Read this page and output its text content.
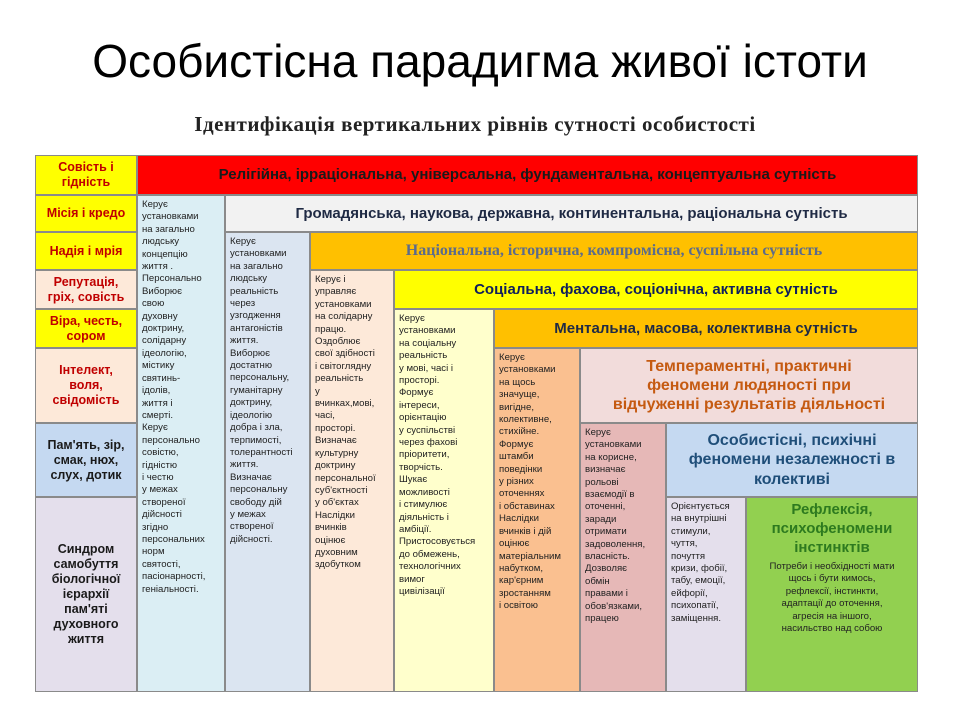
Особистісна парадигма живої істоти
Ідентифікація вертикальних рівнів сутності особистості
Совість і
гідність
Місія і кредо
Надія і мрія
Репутація,
гріх, совість
Віра, честь,
сором
Інтелект,
воля,
свідомість
Пам'ять, зір,
смак, нюх,
слух, дотик
Синдром
самобуття
біологічної
ієрархії
пам'яті
духовного
життя
Релігійна, ірраціональна, універсальна, фундаментальна, концептуальна сутність
Громадянська, наукова, державна, континентальна, раціональна сутність
Національна, історична, компромісна, суспільна сутність
Соціальна, фахова, соціонічна, активна сутність
Ментальна, масова, колективна сутність
Темпераментні, практичні
феномени людяності при
відчуженні результатів діяльності
Особистісні, психічні
феномени незалежності в
колективі
Рефлексія,
психофеномени
інстинктів
Потреби і необхідності мати
щось і бути кимось,
рефлексії, інстинкти,
адаптації до оточення,
агресія на іншого,
насильство над собою
Керує
установками
на загально
людську
концепцію
життя .
Персонально
Виборює
свою
духовну
доктрину,
солідарну
ідеологію,
містику
святинь-
ідолів,
життя і
смерті.
Керує
персонально
совістю,
гідністю
і честю
у межах
створеної
дійсності
згідно
персональних
норм
святості,
пасіонарності,
геніальності.
Керує
установками
на загально
людську
реальність
через
узгодження
антагоністів
життя.
Виборює
достатню
персональну,
гуманітарну
доктрину,
ідеологію
добра і зла,
терпимості,
толерантності
життя.
Визначає
персональну
свободу дій
у межах
створеної
дійсності.
Керує і
управляє
установками
на солідарну
працю.
Оздоблює
свої здібності
і світоглядну
реальність
у
вчинках,мові,
часі,
просторі.
Визначає
культурну
доктрину
персональної
суб'єктності
у об'єктах
Наслідки
вчинків
оцінює
духовним
здобутком
Керує
установками
на соціальну
реальність
у мові, часі і
просторі.
Формує
інтереси,
орієнтацію
у суспільстві
через фахові
пріоритети,
творчість.
Шукає
можливості
і стимулює
діяльність і
амбіції.
Пристосовується
до обмежень,
технологічних
вимог
цивілізації
Керує
установками
на щось
значуще,
вигідне,
колективне,
стихійне.
Формує
штамби
поведінки
у різних
оточеннях
і обставинах
Наслідки
вчинків і дій
оцінює
матеріальним
набутком,
кар'єрним
зростанням
і освітою
Керує
установками
на корисне,
визначає
рольові
взаємодії в
оточенні,
заради
отримати
задоволення,
власність.
Дозволяє
обмін
правами і
обов'язками,
працею
Орієнтується
на внутрішні
стимули,
чуття,
почуття
кризи, фобії,
табу, емоції,
ейфорії,
психопатії,
заміщення.
